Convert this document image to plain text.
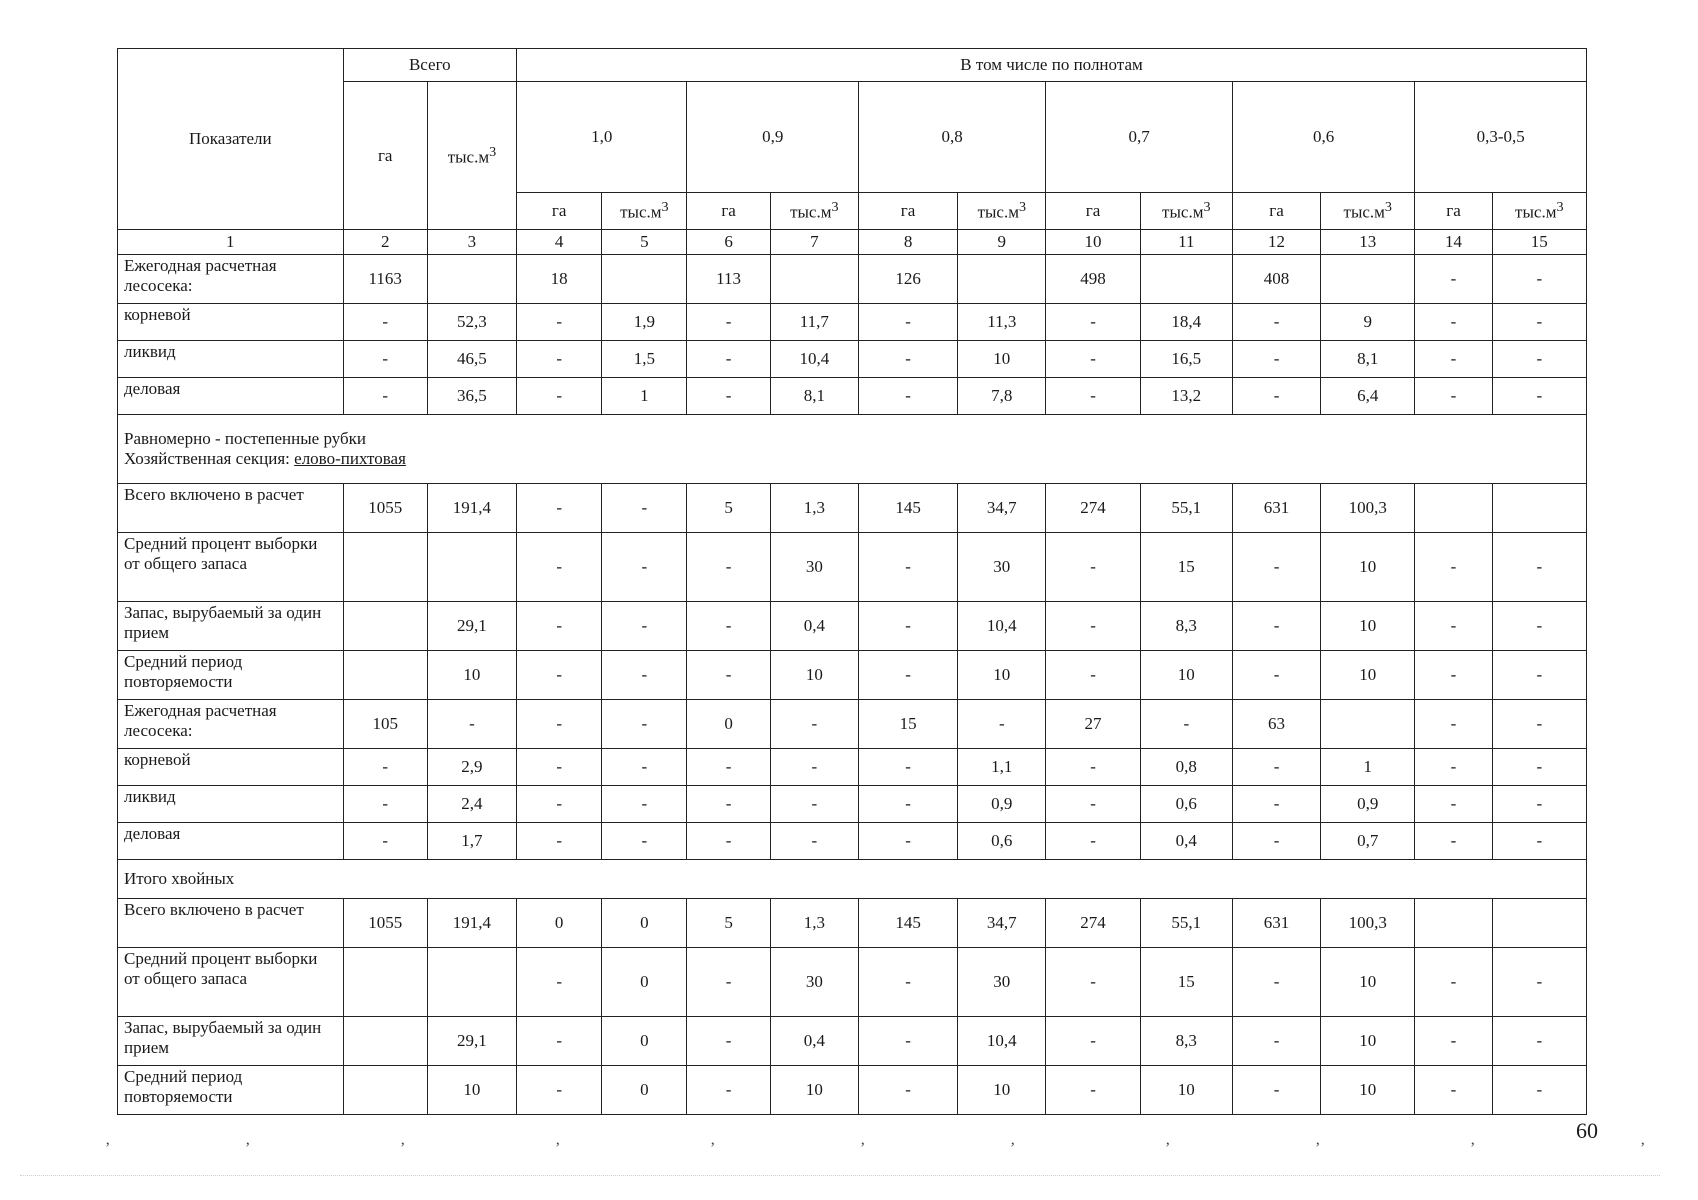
Показатели	Всего		В том числе по полнотам											
	га	$тыс.м^3$	1,0		0,9		0,8		0,7		0,6		0,3-0,5	
			га	$тыс.м^3$	га	$тыс.м^3$	га	$тыс.м^3$	га	$тыс.м^3$	га	$тыс.м^3$	га	$тыс.м^3$
1	2	3	4	5	6	7	8	9	10	11	12	13	14	15
Ежегодная расчетная лесосека:	1163		18		113		126		498		408		-	-
корневой	-	52,3	-	1,9	-	11,7	-	11,3	-	18,4	-	9	-	-
ликвид	-	46,5	-	1,5	-	10,4	-	10	-	16,5	-	8,1	-	-
деловая	-	36,5	-	1	-	8,1	-	7,8	-	13,2	-	6,4	-	-

Равномерно - постепенные рубки
Хозяйственная секция: елово-пихтовая														

Всего включено в расчет	1055	191,4	-	-	5	1,3	145	34,7	274	55,1	631	100,3		
Средний процент выборки от общего запаса			-	-	-	30	-	30	-	15	-	10	-	-
Запас, вырубаемый за один прием		29,1	-	-	-	0,4	-	10,4	-	8,3	-	10	-	-
Средний период повторяемости		10	-	-	-	10	-	10	-	10	-	10	-	-
Ежегодная расчетная лесосека:	105	-	-	-	0	-	15	-	27	-	63		-	-
корневой	-	2,9	-	-	-	-	-	1,1	-	0,8	-	1	-	-
ликвид	-	2,4	-	-	-	-	-	0,9	-	0,6	-	0,9	-	-
деловая	-	1,7	-	-	-	-	-	0,6	-	0,4	-	0,7	-	-
Итого хвойных														
Всего включено в расчет	1055	191,4	0	0	5	1,3	145	34,7	274	55,1	631	100,3		
Средний процент выборки от общего запаса			-	0	-	30	-	30	-	15	-	10	-	-
Запас, вырубаемый за один прием		29,1	-	0	-	0,4	-	10,4	-	8,3	-	10	-	-
Средний период повторяемости		10	-	0	-	10	-	10	-	10	-	10	-	-
60
’	’	’	’	’	’	’	’	’	’	’
